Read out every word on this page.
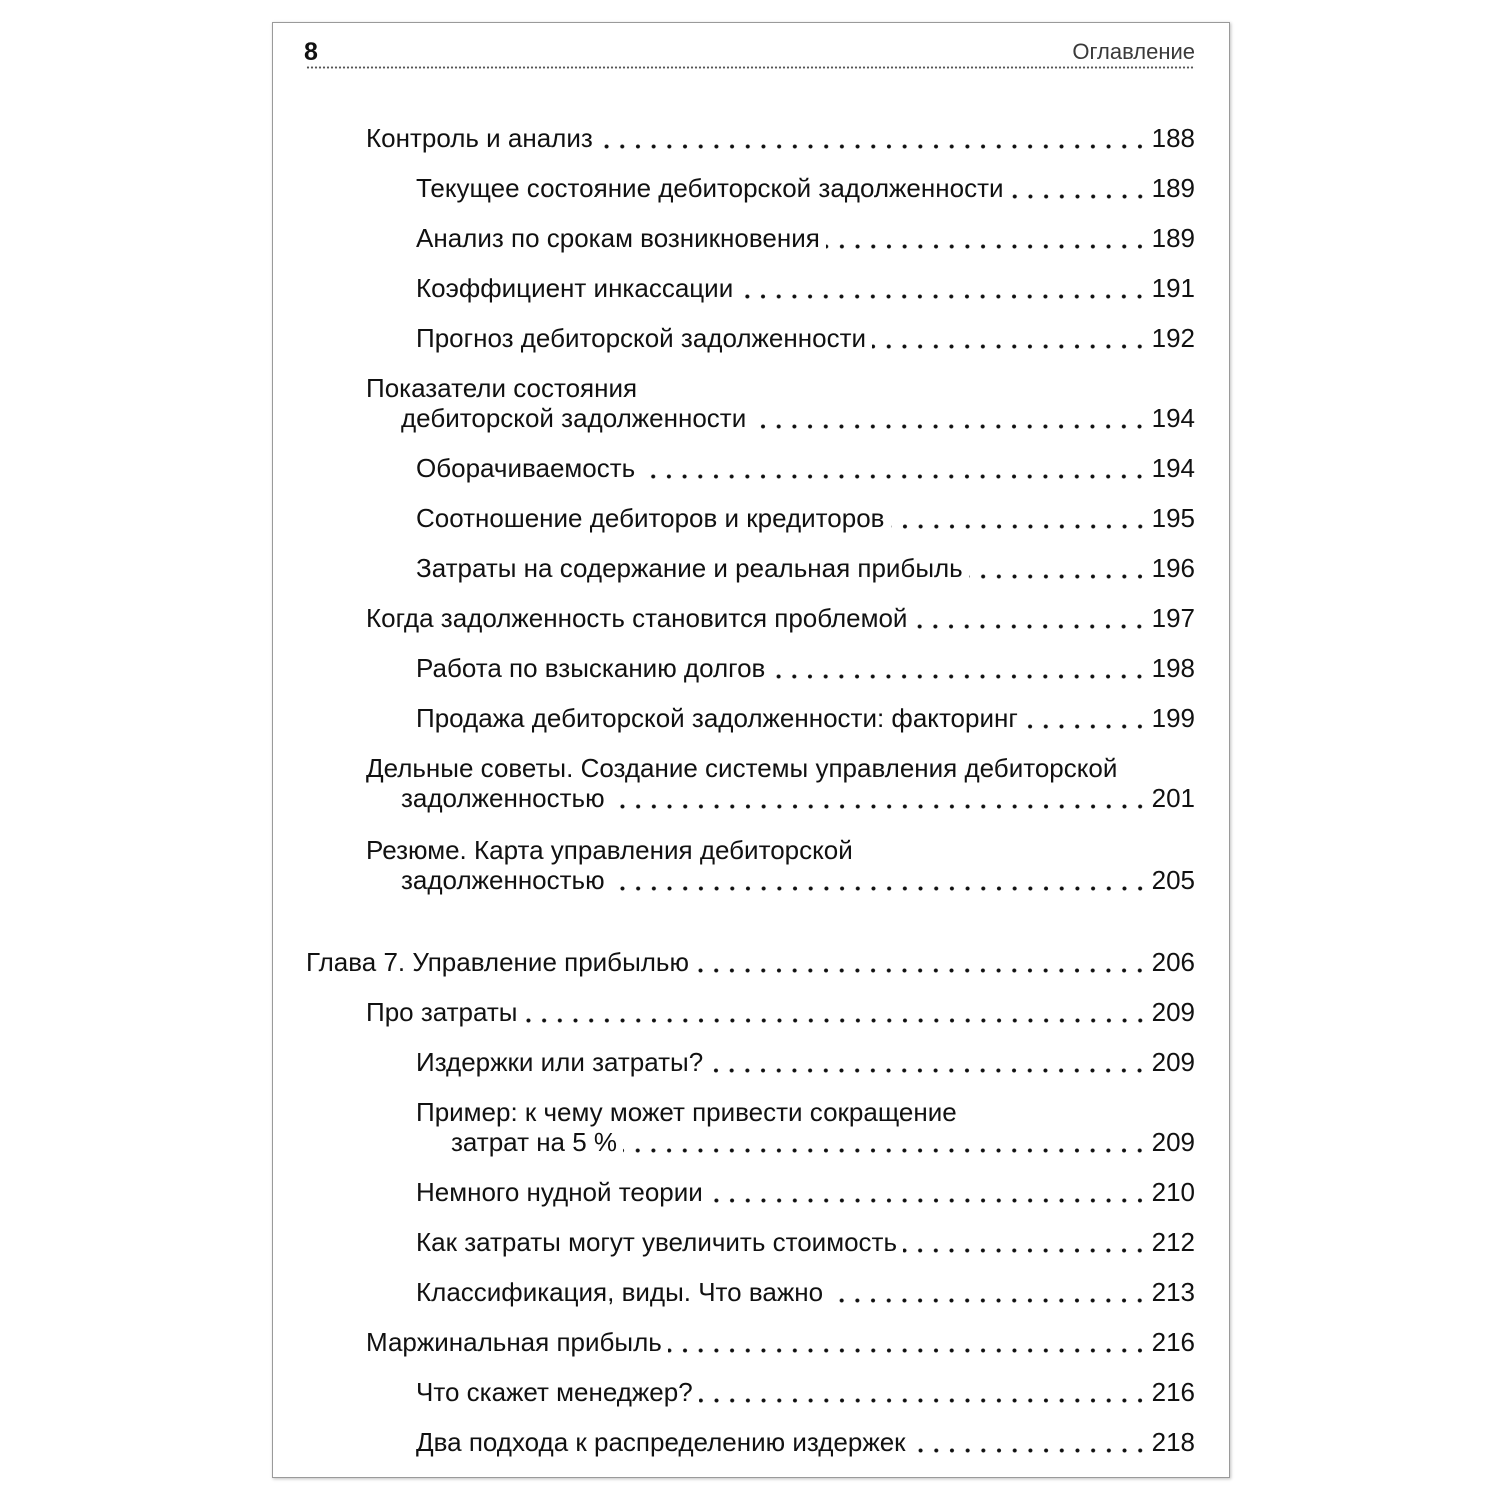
8	Оглавление
Контроль и анализ	188
Текущее состояние дебиторской задолженности	189
Анализ по срокам возникновения	189
Коэффициент инкассации	191
Прогноз дебиторской задолженности	192
Показатели состояния
дебиторской задолженности	194
Оборачиваемость	194
Соотношение дебиторов и кредиторов	195
Затраты на содержание и реальная прибыль	196
Когда задолженность становится проблемой	197
Работа по взысканию долгов	198
Продажа дебиторской задолженности: факторинг	199
Дельные советы. Создание системы управления дебиторской
задолженностью	201
Резюме. Карта управления дебиторской
задолженностью	205
Глава 7. Управление прибылью	206
Про затраты	209
Издержки или затраты?	209
Пример: к чему может привести сокращение
затрат на 5 %	209
Немного нудной теории	210
Как затраты могут увеличить стоимость	212
Классификация, виды. Что важно	213
Маржинальная прибыль	216
Что скажет менеджер?	216
Два подхода к распределению издержек	218
